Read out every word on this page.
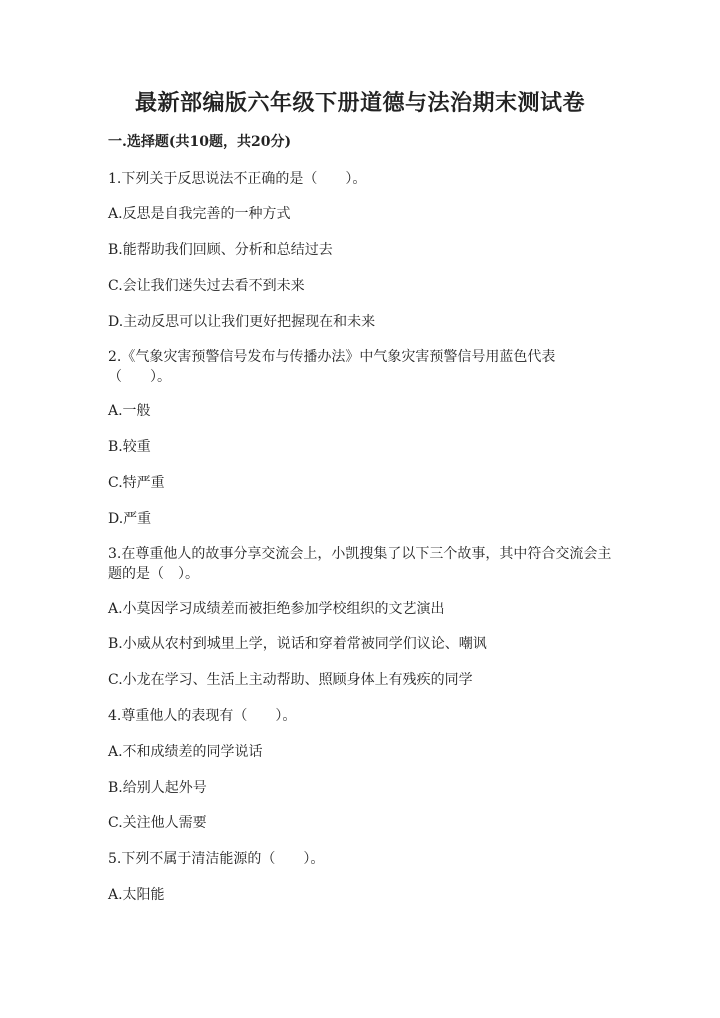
最新部编版六年级下册道德与法治期末测试卷
一.选择题(共10题，共20分)
1.下列关于反思说法不正确的是（　　）。
A.反思是自我完善的一种方式
B.能帮助我们回顾、分析和总结过去
C.会让我们迷失过去看不到未来
D.主动反思可以让我们更好把握现在和未来
2.《气象灾害预警信号发布与传播办法》中气象灾害预警信号用蓝色代表（　　）。
A.一般
B.较重
C.特严重
D.严重
3.在尊重他人的故事分享交流会上，小凯搜集了以下三个故事，其中符合交流会主题的是（　）。
A.小莫因学习成绩差而被拒绝参加学校组织的文艺演出
B.小威从农村到城里上学，说话和穿着常被同学们议论、嘲讽
C.小龙在学习、生活上主动帮助、照顾身体上有残疾的同学
4.尊重他人的表现有（　　）。
A.不和成绩差的同学说话
B.给别人起外号
C.关注他人需要
5.下列不属于清洁能源的（　　）。
A.太阳能
